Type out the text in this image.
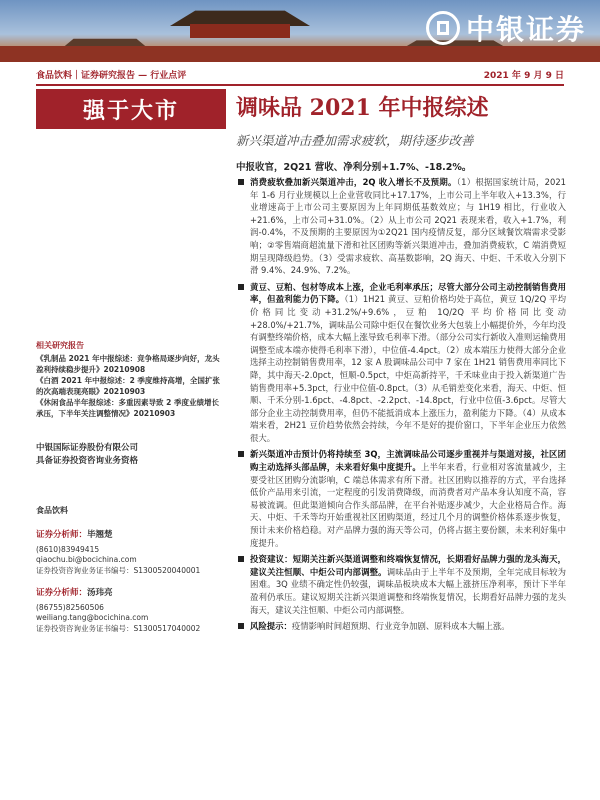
中银证券
食品饮料｜证券研究报告 — 行业点评	2021 年 9 月 9 日
强于大市	调味品 2021 年中报综述
新兴渠道冲击叠加需求疲软，期待逐步改善
中报收官，2Q21 营收、净利分别+1.7%、-18.2%。
相关研究报告
《乳制品 2021 年中报综述：竞争格局逐步向好，龙头盈利持续稳步提升》20210908
《白酒 2021 年中报综述：2 季度维持高增，全国扩张的次高端表现亮眼》20210903
《休闲食品半年报综述：多重因素导致 2 季度业绩增长承压，下半年关注调整情况》20210903
中银国际证券股份有限公司
具备证券投资咨询业务资格
食品饮料
证券分析师：毕翘楚
(8610)83949415
qiaochu.bi@bocichina.com
证券投资咨询业务证书编号：S1300520040001
证券分析师：汤玮亮
(86755)82560506
weiliang.tang@bocichina.com
证券投资咨询业务证书编号：S1300517040002
消费疲软叠加新兴渠道冲击，2Q 收入增长不及预期。（1）根据国家统计局，2021 年 1-6 月行业规模以上企业营收同比+17.17%，上市公司上半年收入+13.3%，行业增速高于上市公司主要原因为上年同期低基数效应；与 1H19 相比，行业收入+21.6%，上市公司+31.0%。（2）从上市公司 2Q21 表现来看，收入+1.7%，利润-0.4%，不及预期的主要原因为①2Q21 国内疫情反复，部分区域餐饮端需求受影响；②零售端商超流量下滑和社区团购等新兴渠道冲击，叠加消费疲软，C 端消费短期呈现降级趋势。（3）受需求疲软、高基数影响，2Q 海天、中炬、千禾收入分别下滑 9.4%、24.9%、7.2%。
黄豆、豆粕、包材等成本上涨，企业毛利率承压；尽管大部分公司主动控制销售费用率，但盈利能力仍下降。（1）1H21 黄豆、豆粕价格均处于高位，黄豆 1Q/2Q 平均价格同比变动+31.2%/+9.6%，豆粕 1Q/2Q 平均价格同比变动+28.0%/+21.7%，调味品公司除中炬仅在餐饮业务大包装上小幅提价外，今年均没有调整终端价格，成本大幅上涨导致毛利率下滑。（部分公司实行新收入准则运输费用调整至成本端亦使得毛利率下滑），中位值-4.4pct。（2）成本端压力使得大部分企业选择主动控制销售费用率，12 家 A 股调味品公司中 7 家在 1H21 销售费用率同比下降，其中海天-2.0pct，恒顺-0.5pct，中炬高新持平，千禾味业由于投入新渠道广告销售费用率+5.3pct，行业中位值-0.8pct。（3）从毛销差变化来看，海天、中炬、恒顺、千禾分别-1.6pct、-4.8pct、-2.2pct、-14.8pct，行业中位值-3.6pct。尽管大部分企业主动控制费用率，但仍不能抵消成本上涨压力，盈利能力下降。（4）从成本端来看，2H21 豆价趋势依然会持续，今年不是好的提价窗口，下半年企业压力依然很大。
新兴渠道冲击预计仍将持续至 3Q，主流调味品公司逐步重视并与渠道对接，社区团购主动选择头部品牌，未来看好集中度提升。上半年来看，行业相对客流量减少，主要受社区团购分流影响，C 端总体需求有所下滑。社区团购以推荐的方式，平台选择低价产品用来引流，一定程度的引发消费降级，而消费者对产品本身认知度不高，容易被流调。但此渠道倾向合作头部品牌，在平台补贴逐步减少，大企业格局合作。海天、中炬、千禾等均开始重视社区团购渠道，经过几个月的调整价格体系逐步恢复，预计未来价格趋稳。对产品牌力强的海天等公司，仍将占据主要份额，未来利好集中度提升。
投资建议：短期关注新兴渠道调整和终端恢复情况，长期看好品牌力强的龙头海天，建议关注恒顺、中炬公司内部调整。调味品由于上半年不及预期，全年完成目标较为困难。3Q 业绩不确定性仍较强，调味品板块成本大幅上涨挤压净利率，预计下半年盈利仍承压。建议短期关注新兴渠道调整和终端恢复情况，长期看好品牌力强的龙头海天，建议关注恒顺、中炬公司内部调整。
风险提示：疫情影响时间超预期、行业竞争加剧、原料成本大幅上涨。
